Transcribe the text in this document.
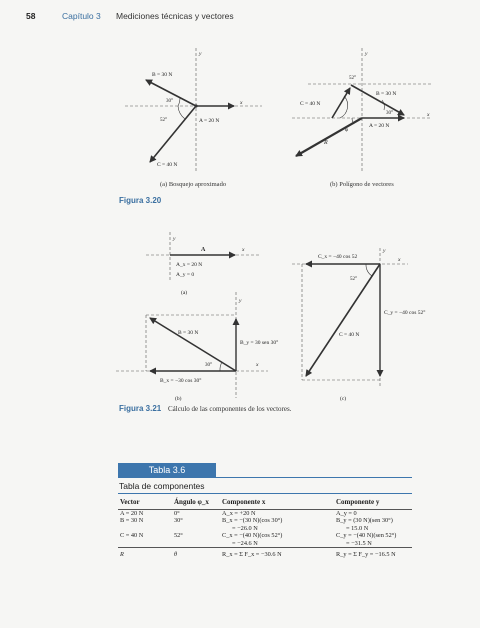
58	Capítulo 3 Mediciones técnicas y vectores
y
x
B = 30 N
A = 20 N
C = 40 N
30°
52°
y
x
B = 30 N
A = 20 N
C = 40 N
52°
30°
R
φ
y
x
A
A_x = 20 N
A_y = 0
(a)
y
x
B = 30 N
B_y = 30 sen 30°
30°
B_x = −30 cos 30°
(b)
y
x
C_x = −40 cos 52
52°
C_y = −40 cos 52°
C = 40 N
(c)
(a) Bosquejo aproximado	(b) Polígono de vectores
Figura 3.20
Figura 3.21 Cálculo de las componentes de los vectores.
Tabla 3.6
Tabla de componentes
Vector	Ángulo φ_x	Componente x	Componente y
A = 20 N	0°	A_x = +20 N	A_y = 0
B = 30 N	30°	B_x = −(30 N)(cos 30°)	B_y = (30 N)(sen 30°)
		= −26.0 N	= 15.0 N
C = 40 N	52°	C_x = −(40 N)(cos 52°)	C_y = −(40 N)(sen 52°)
		= −24.6 N	= −31.5 N
R	θ	R_x = Σ F_x = −30.6 N	R_y = Σ F_y = −16.5 N
